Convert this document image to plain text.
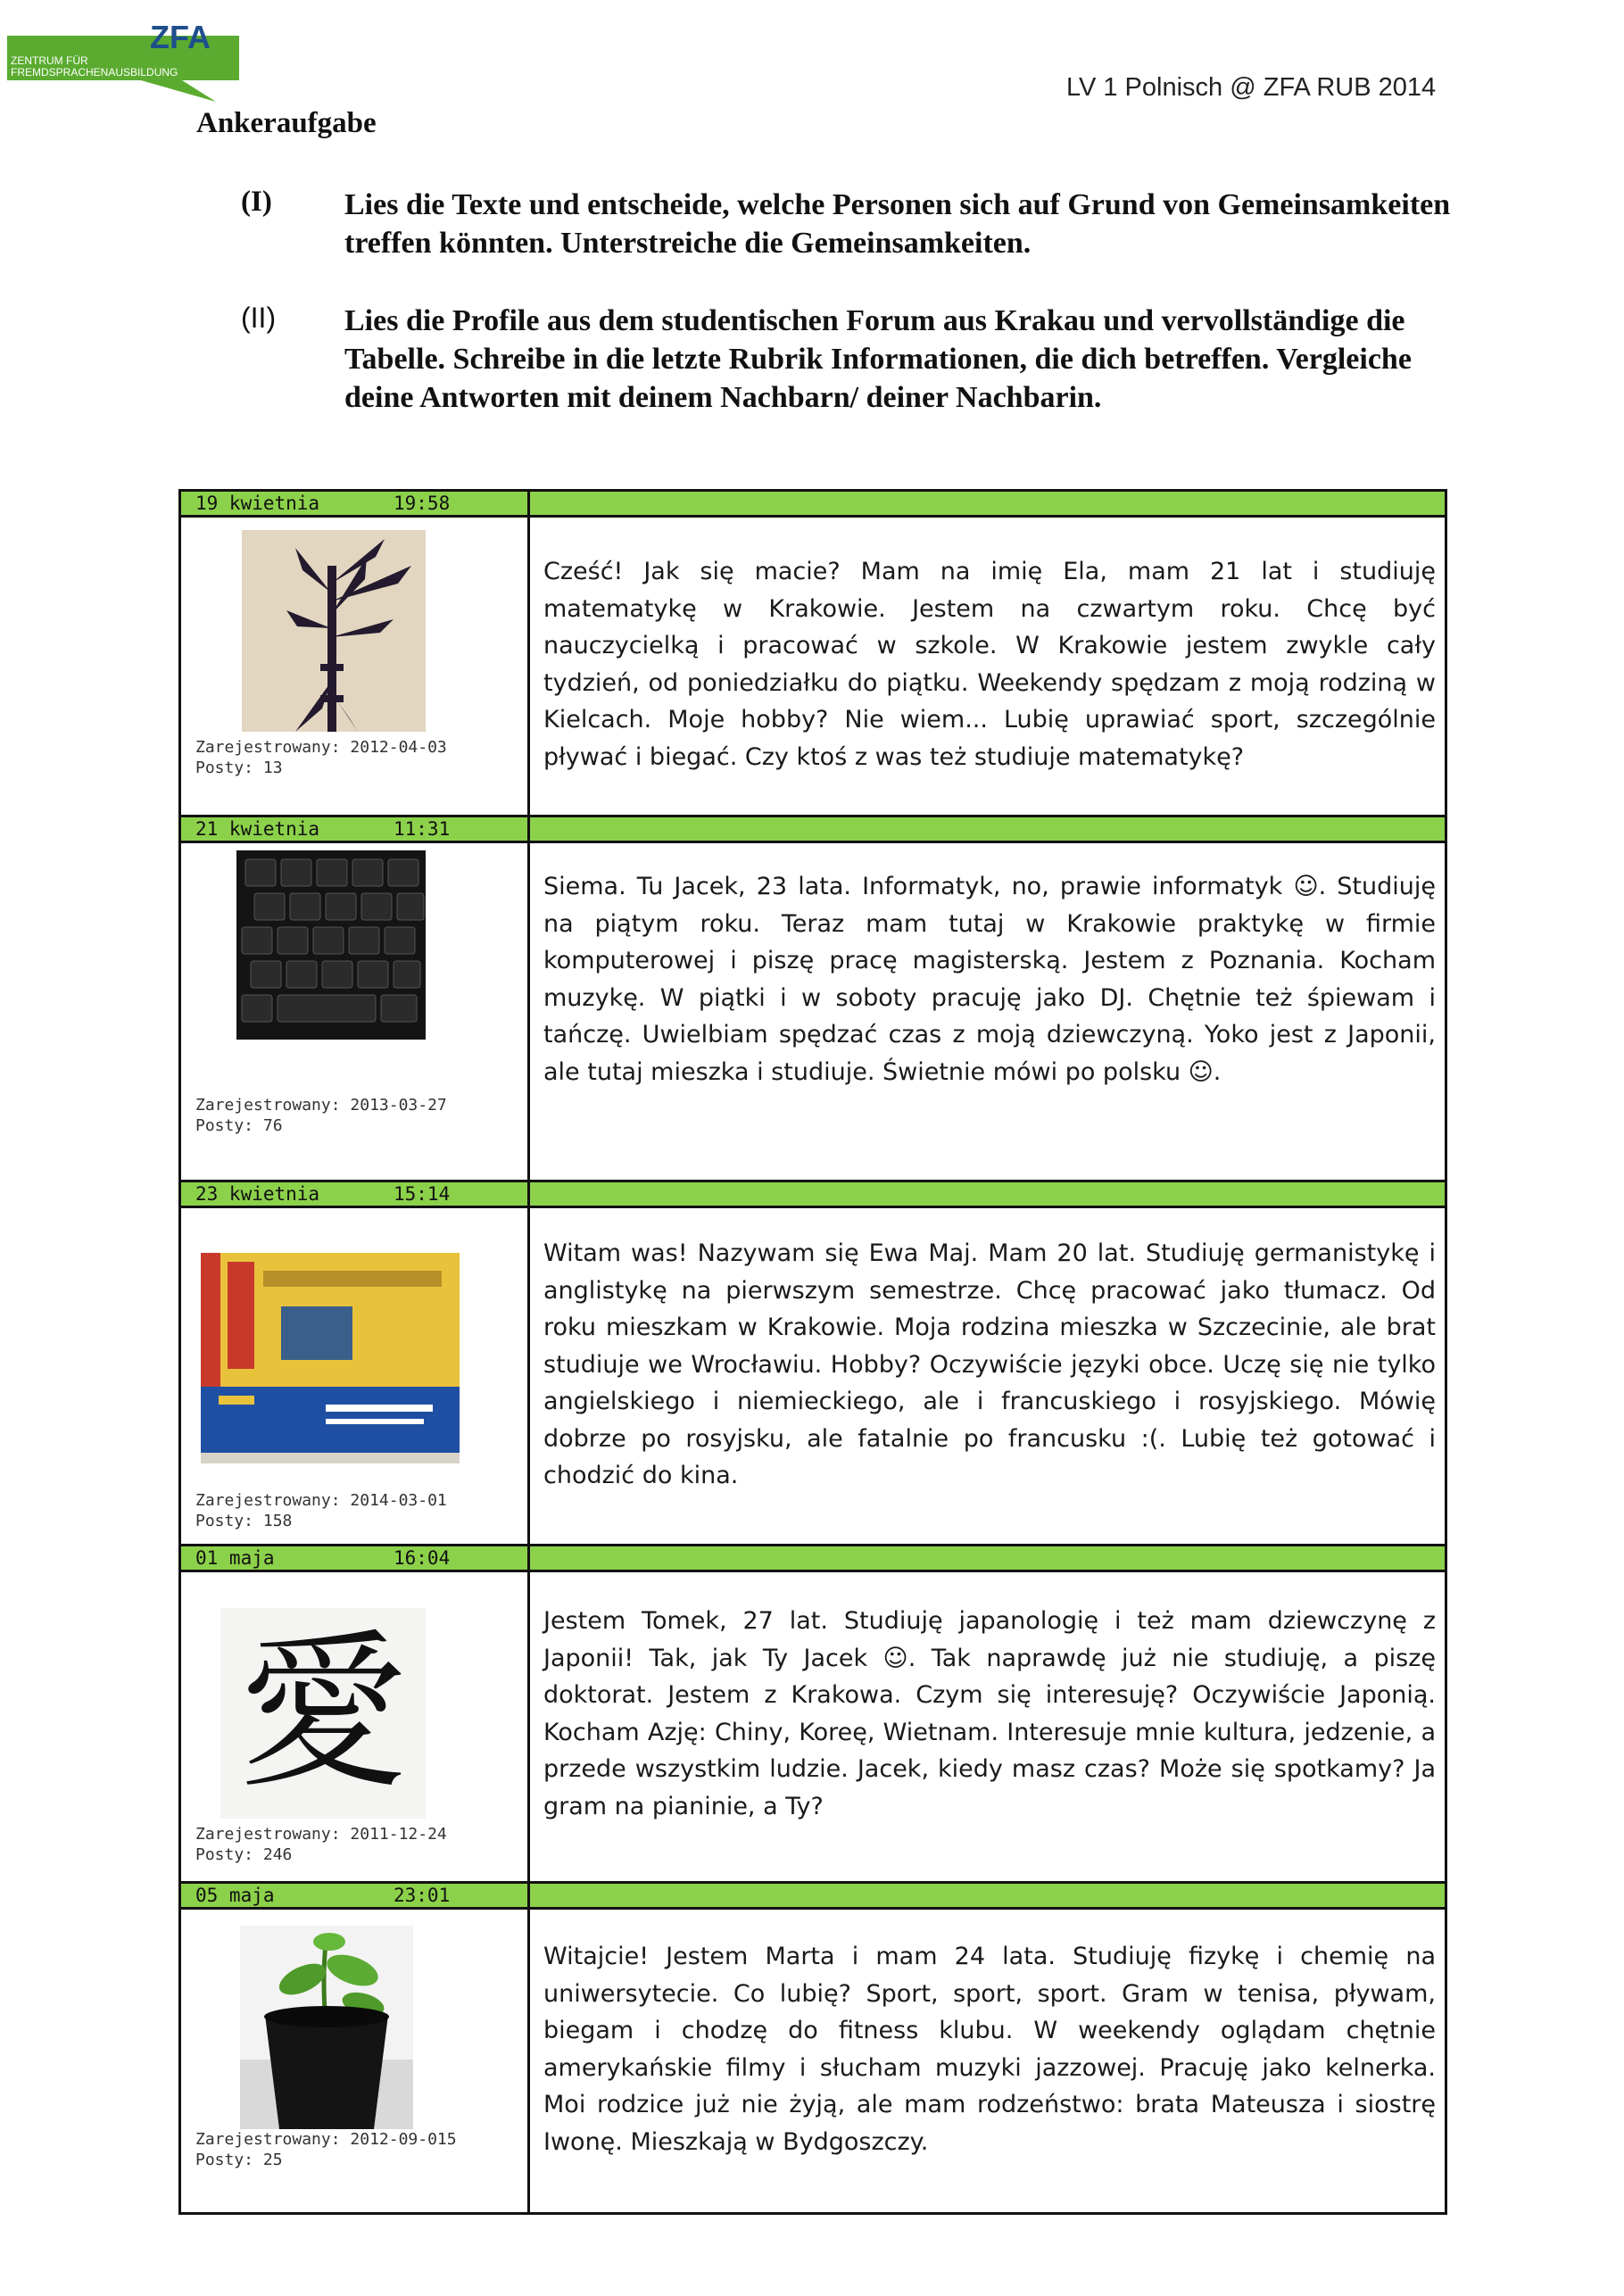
ZFA
ZENTRUM FÜR
FREMDSPRACHENAUSBILDUNG
LV 1 Polnisch @ ZFA RUB 2014
Ankeraufgabe
(I) Lies die Texte und entscheide, welche Personen sich auf Grund von Gemeinsamkeiten treffen könnten. Unterstreiche die Gemeinsamkeiten.
(II) Lies die Profile aus dem studentischen Forum aus Krakau und vervollständige die Tabelle. Schreibe in die letzte Rubrik Informationen, die dich betreffen. Vergleiche deine Antworten mit deinem Nachbarn/ deiner Nachbarin.
19 kwietnia	19:58
Zarejestrowany: 2012-04-03
Posty: 13
Cześć! Jak się macie? Mam na imię Ela, mam 21 lat i studiuję matematykę w Krakowie. Jestem na czwartym roku. Chcę być nauczycielką i pracować w szkole. W Krakowie jestem zwykle cały tydzień, od poniedziałku do piątku. Weekendy spędzam z moją rodziną w Kielcach. Moje hobby? Nie wiem... Lubię uprawiać sport, szczególnie pływać i biegać. Czy ktoś z was też studiuje matematykę?
21 kwietnia	11:31
Zarejestrowany: 2013-03-27
Posty: 76
Siema. Tu Jacek, 23 lata. Informatyk, no, prawie informatyk ☺. Studiuję na piątym roku. Teraz mam tutaj w Krakowie praktykę w firmie komputerowej i piszę pracę magisterską. Jestem z Poznania. Kocham muzykę. W piątki i w soboty pracuję jako DJ. Chętnie też śpiewam i tańczę. Uwielbiam spędzać czas z moją dziewczyną. Yoko jest z Japonii, ale tutaj mieszka i studiuje. Świetnie mówi po polsku ☺.
23 kwietnia	15:14
Zarejestrowany: 2014-03-01
Posty: 158
Witam was! Nazywam się Ewa Maj. Mam 20 lat. Studiuję germanistykę i anglistykę na pierwszym semestrze. Chcę pracować jako tłumacz. Od roku mieszkam w Krakowie. Moja rodzina mieszka w Szczecinie, ale brat studiuje we Wrocławiu. Hobby? Oczywiście języki obce. Uczę się nie tylko angielskiego i niemieckiego, ale i francuskiego i rosyjskiego. Mówię dobrze po rosyjsku, ale fatalnie po francusku :(. Lubię też gotować i chodzić do kina.
01 maja	16:04
愛
Zarejestrowany: 2011-12-24
Posty: 246
Jestem Tomek, 27 lat. Studiuję japanologię i też mam dziewczynę z Japonii! Tak, jak Ty Jacek ☺. Tak naprawdę już nie studiuję, a piszę doktorat. Jestem z Krakowa. Czym się interesuję? Oczywiście Japonią. Kocham Azję: Chiny, Koreę, Wietnam. Interesuje mnie kultura, jedzenie, a przede wszystkim ludzie. Jacek, kiedy masz czas? Może się spotkamy? Ja gram na pianinie, a Ty?
05 maja	23:01
Zarejestrowany: 2012-09-015
Posty: 25
Witajcie! Jestem Marta i mam 24 lata. Studiuję fizykę i chemię na uniwersytecie. Co lubię? Sport, sport, sport. Gram w tenisa, pływam, biegam i chodzę do fitness klubu. W weekendy oglądam chętnie amerykańskie filmy i słucham muzyki jazzowej. Pracuję jako kelnerka. Moi rodzice już nie żyją, ale mam rodzeństwo: brata Mateusza i siostrę Iwonę. Mieszkają w Bydgoszczy.
